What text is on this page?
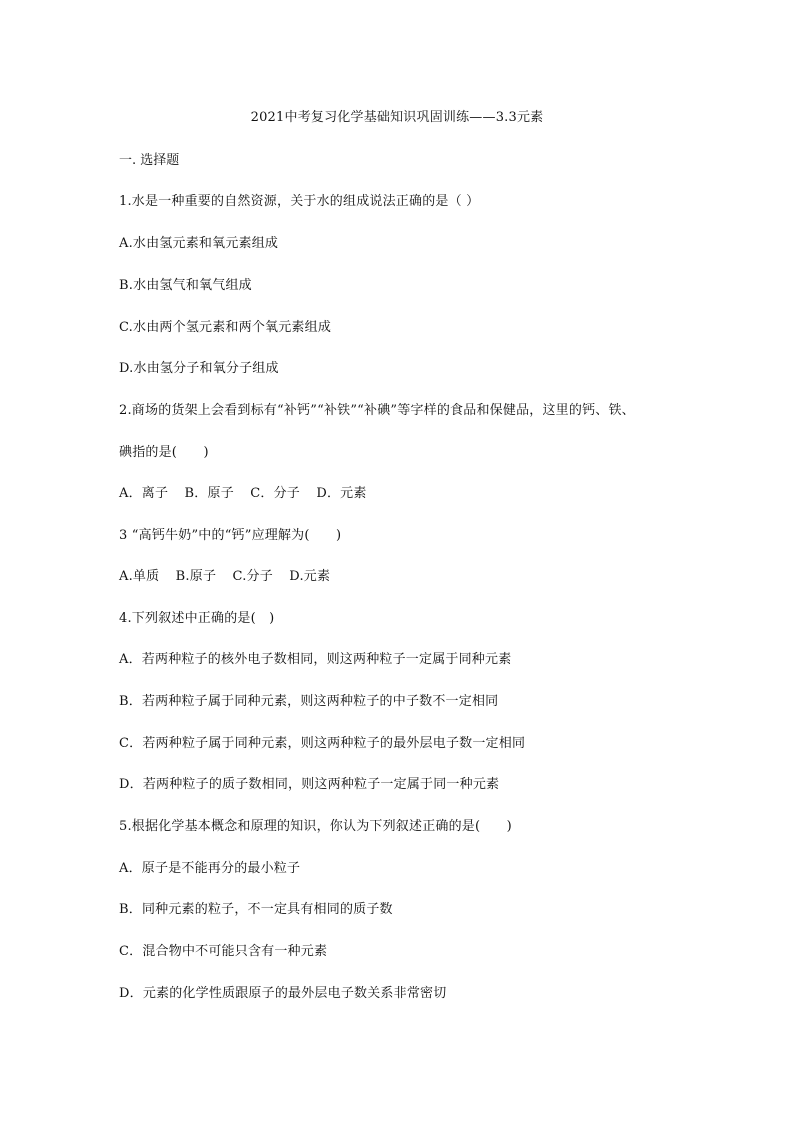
2021中考复习化学基础知识巩固训练——3.3元素
一. 选择题
1.水是一种重要的自然资源，关于水的组成说法正确的是（ ）
A.水由氢元素和氧元素组成
B.水由氢气和氧气组成
C.水由两个氢元素和两个氧元素组成
D.水由氢分子和氧分子组成
2.商场的货架上会看到标有“补钙”“补铁”“补碘”等字样的食品和保健品，这里的钙、铁、
碘指的是(　　)
A．离子 B．原子 C．分子 D．元素
3 “高钙牛奶”中的“钙”应理解为(　　)
A.单质 B.原子 C.分子 D.元素
4.下列叙述中正确的是(　)
A．若两种粒子的核外电子数相同，则这两种粒子一定属于同种元素
B．若两种粒子属于同种元素，则这两种粒子的中子数不一定相同
C．若两种粒子属于同种元素，则这两种粒子的最外层电子数一定相同
D．若两种粒子的质子数相同，则这两种粒子一定属于同一种元素
5.根据化学基本概念和原理的知识，你认为下列叙述正确的是(　　)
A．原子是不能再分的最小粒子
B．同种元素的粒子，不一定具有相同的质子数
C．混合物中不可能只含有一种元素
D．元素的化学性质跟原子的最外层电子数关系非常密切
